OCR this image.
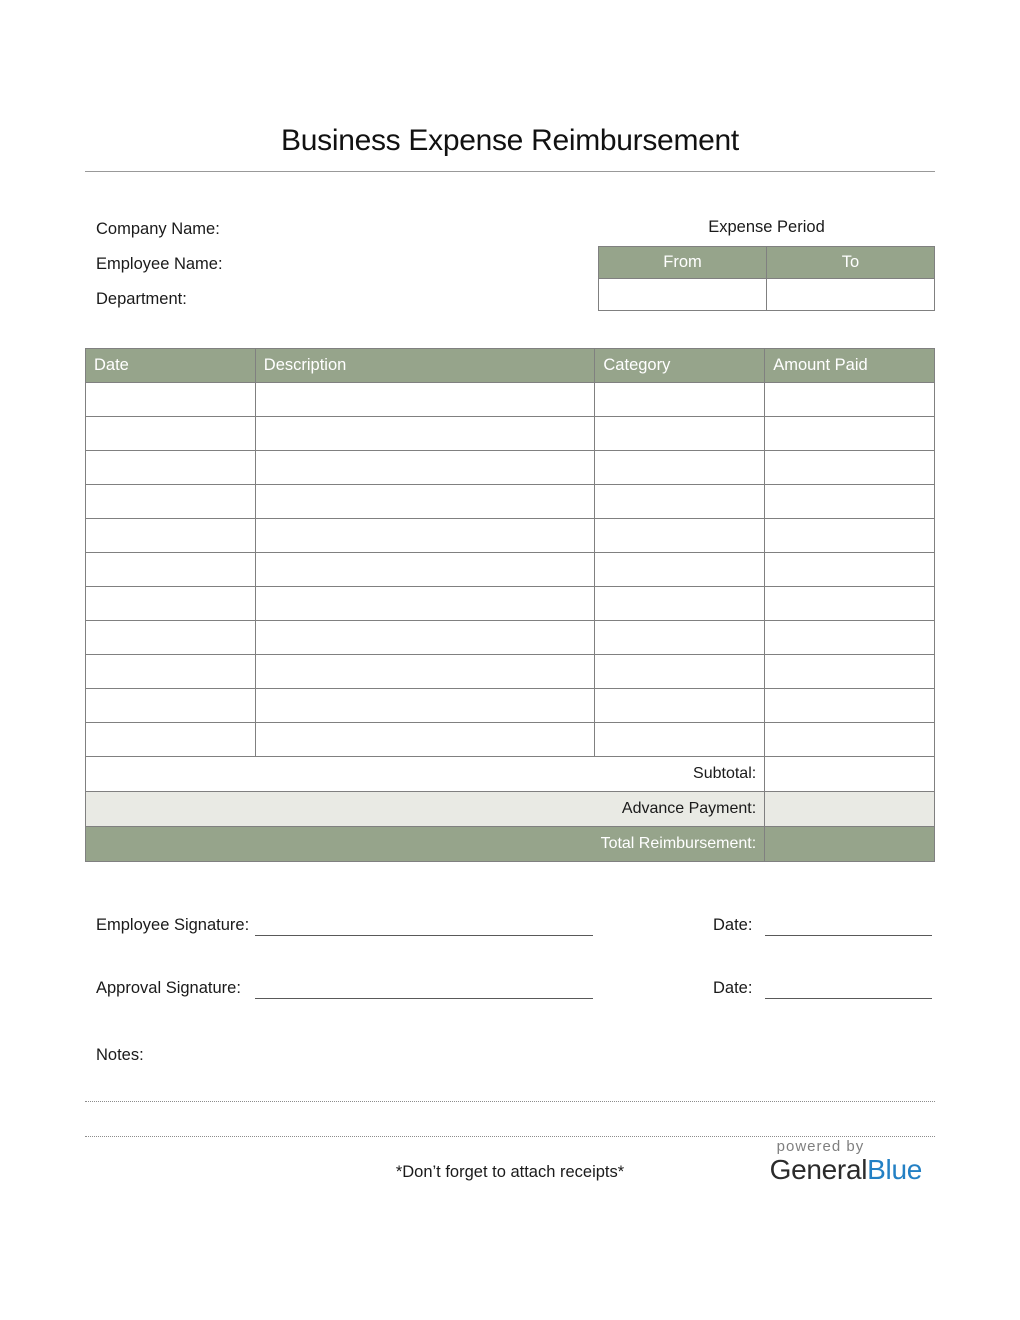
Business Expense Reimbursement
Company Name:
Employee Name:
Department:

Expense Period

From	To

Date	Description	Category	Amount Paid

Subtotal:			
Advance Payment:			
Total Reimbursement:			
Employee Signature:	Date:
Approval Signature:	Date:
Notes:
*Don’t forget to attach receipts*
powered by
GeneralBlue
